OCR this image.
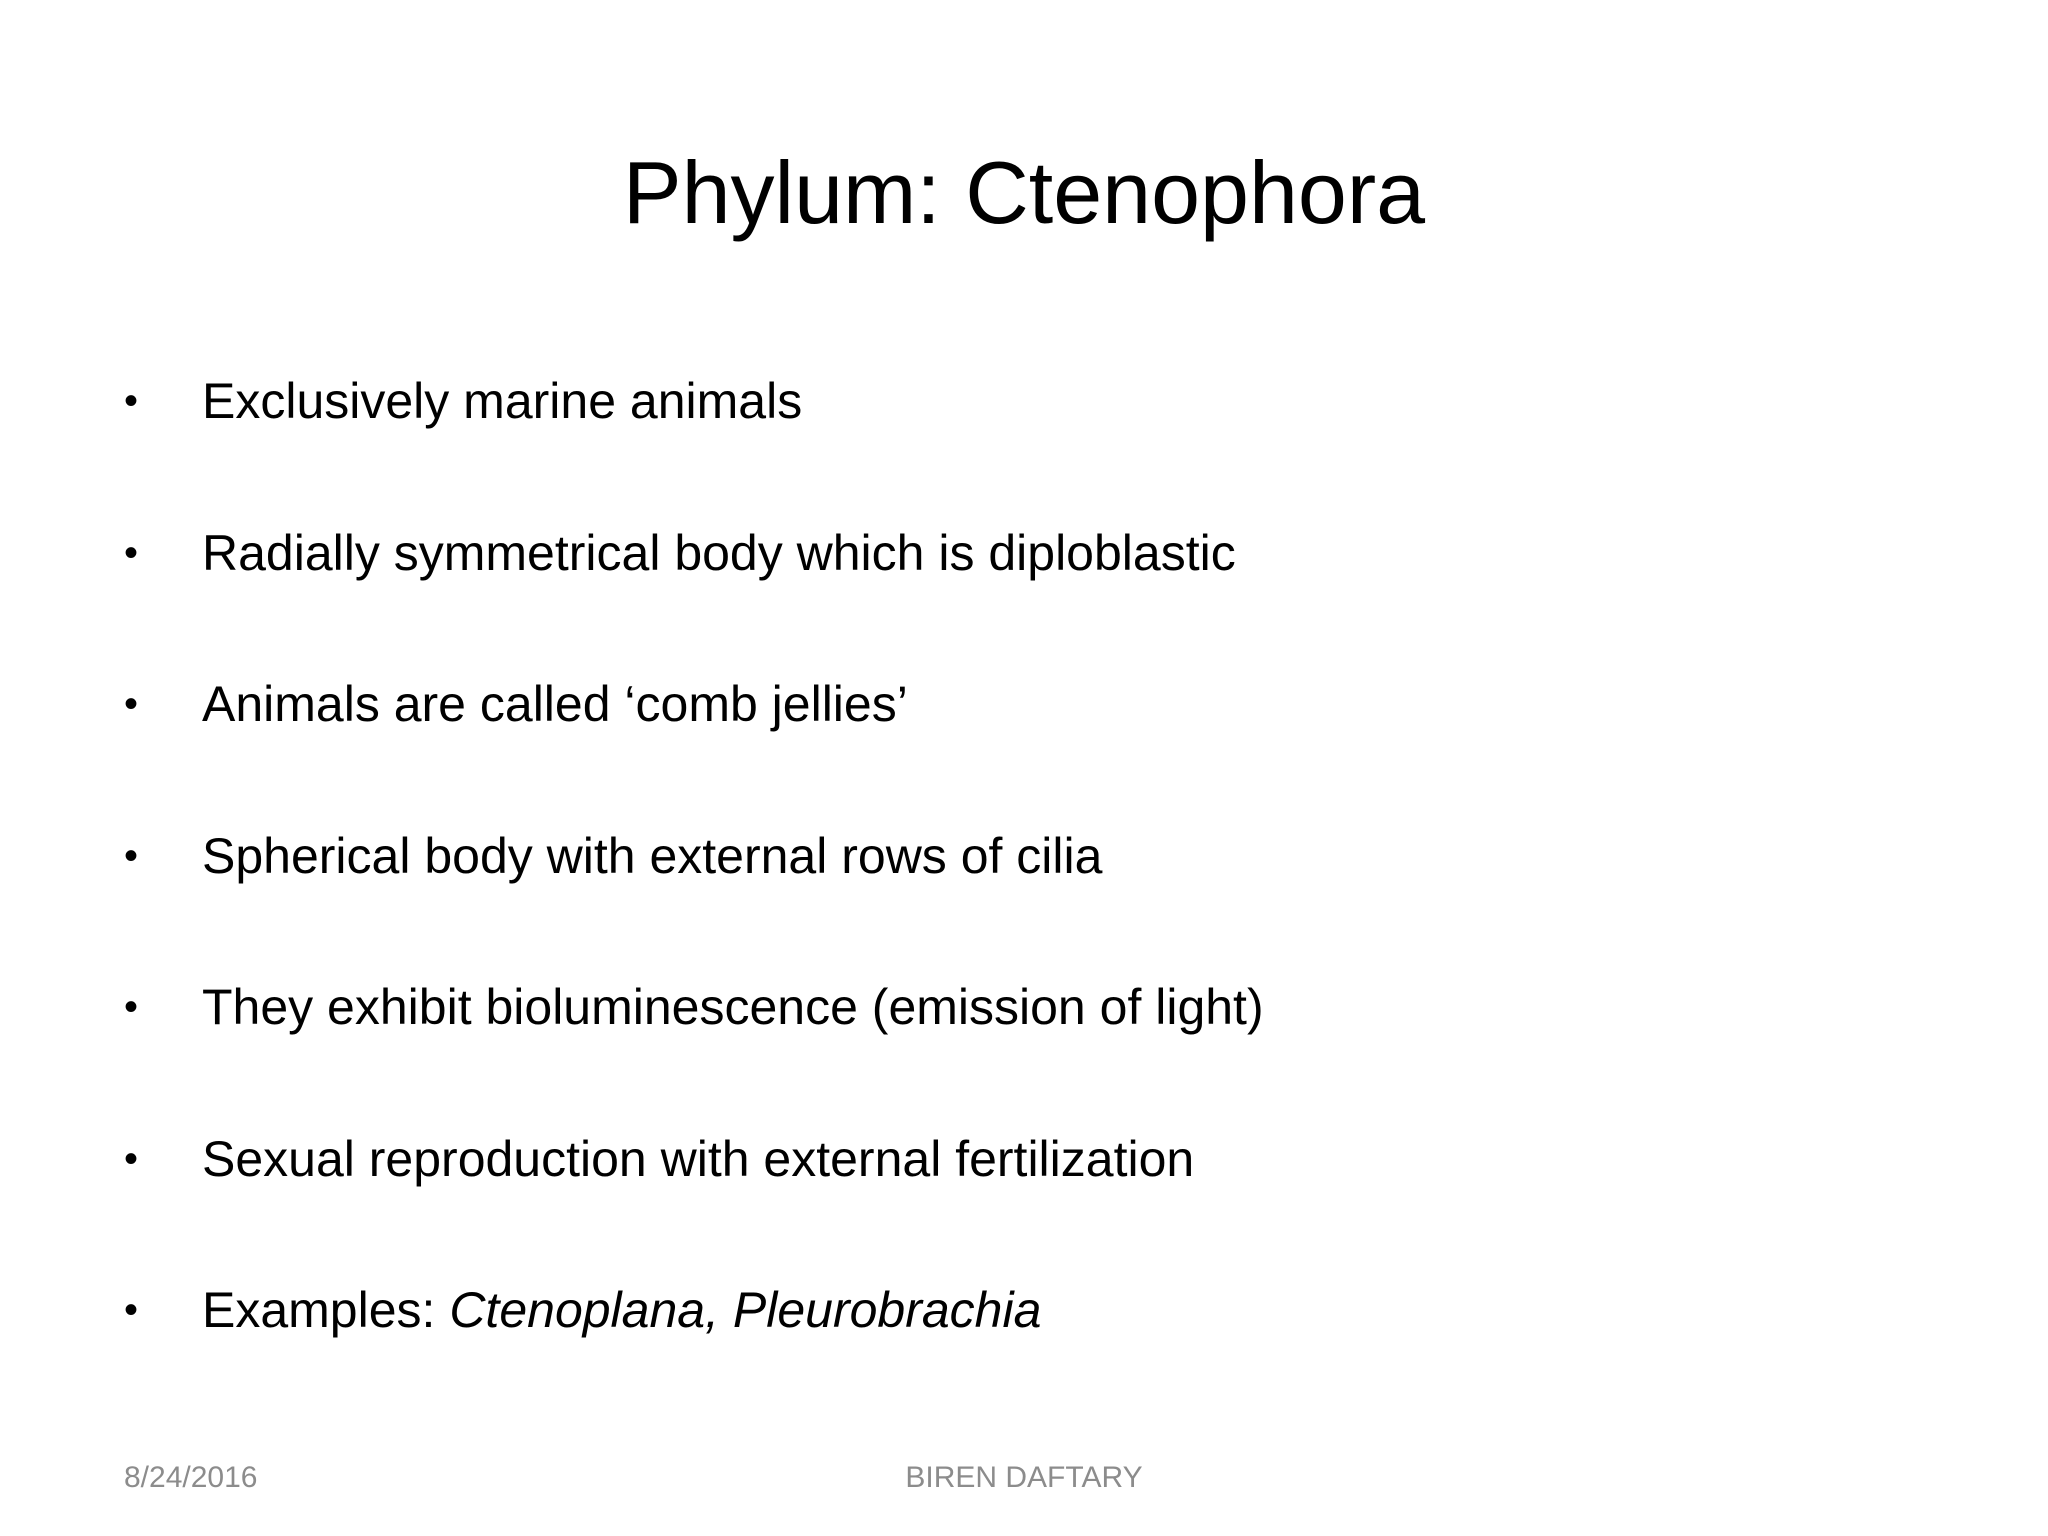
Phylum: Ctenophora
• Exclusively marine animals
• Radially symmetrical body which is diploblastic
• Animals are called ‘comb jellies’
• Spherical body with external rows of cilia
• They exhibit bioluminescence (emission of light)
• Sexual reproduction with external fertilization
• Examples: Ctenoplana, Pleurobrachia
8/24/2016	BIREN DAFTARY
